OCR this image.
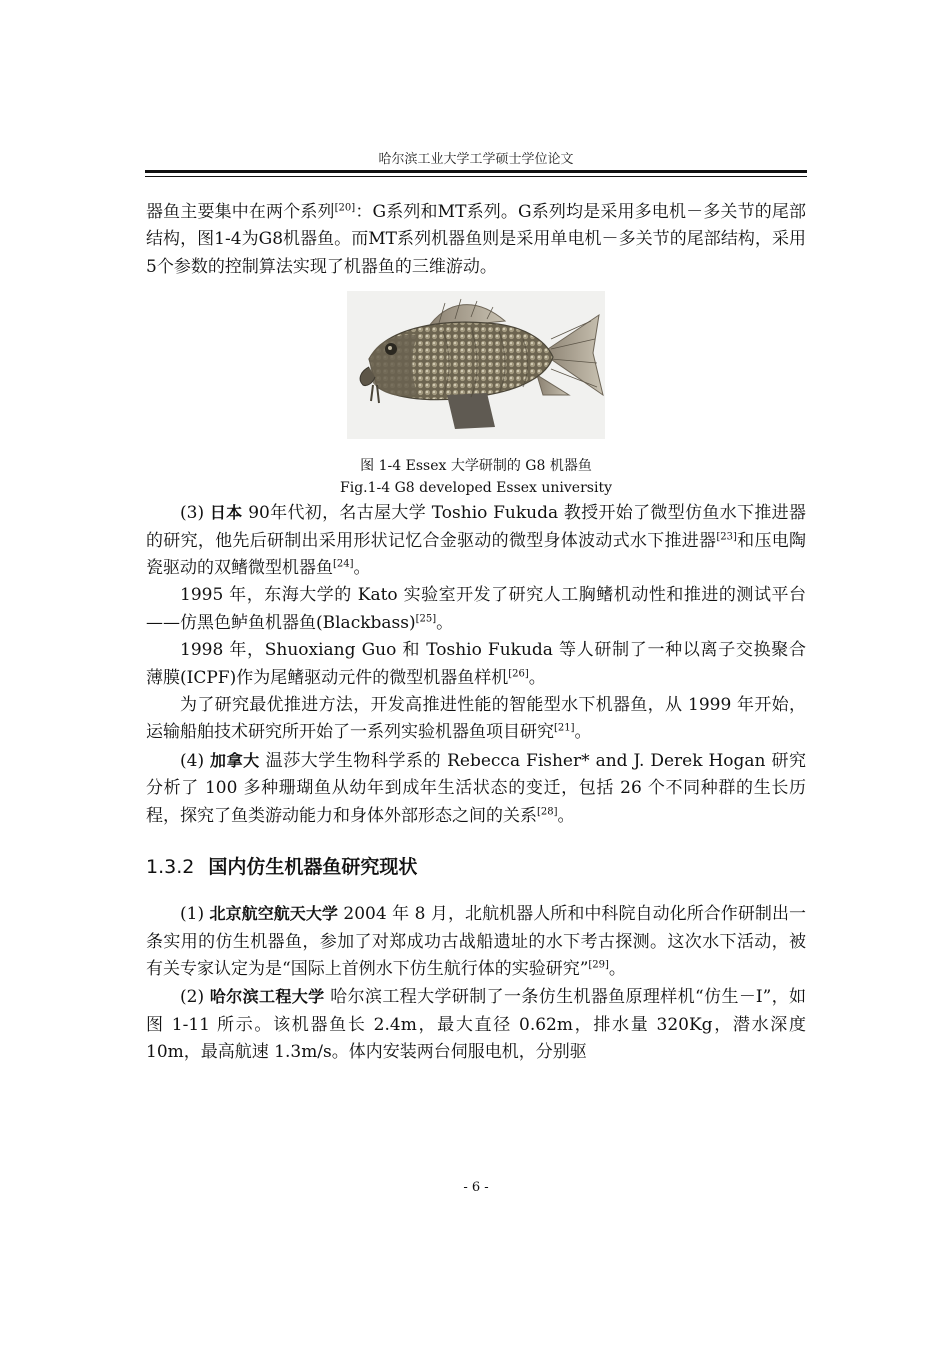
哈尔滨工业大学工学硕士学位论文

器鱼主要集中在两个系列[20]：G系列和MT系列。G系列均是采用多电机－多关节的尾部结构，图1-4为G8机器鱼。而MT系列机器鱼则是采用单电机－多关节的尾部结构，采用5个参数的控制算法实现了机器鱼的三维游动。

图 1-4 Essex 大学研制的 G8 机器鱼

Fig.1-4 G8 developed Essex university

(3) 日本 90年代初，名古屋大学 Toshio Fukuda 教授开始了微型仿鱼水下推进器的研究，他先后研制出采用形状记忆合金驱动的微型身体波动式水下推进器[23]和压电陶瓷驱动的双鳍微型机器鱼[24]。

1995 年，东海大学的 Kato 实验室开发了研究人工胸鳍机动性和推进的测试平台——仿黑色鲈鱼机器鱼(Blackbass)[25]。

1998 年，Shuoxiang Guo 和 Toshio Fukuda 等人研制了一种以离子交换聚合薄膜(ICPF)作为尾鳍驱动元件的微型机器鱼样机[26]。

为了研究最优推进方法，开发高推进性能的智能型水下机器鱼，从 1999 年开始，运输船舶技术研究所开始了一系列实验机器鱼项目研究[21]。

(4) 加拿大 温莎大学生物科学系的 Rebecca Fisher* and J. Derek Hogan 研究分析了 100 多种珊瑚鱼从幼年到成年生活状态的变迁，包括 26 个不同种群的生长历程，探究了鱼类游动能力和身体外部形态之间的关系[28]。

1.3.2 国内仿生机器鱼研究现状

(1) 北京航空航天大学 2004 年 8 月，北航机器人所和中科院自动化所合作研制出一条实用的仿生机器鱼，参加了对郑成功古战船遗址的水下考古探测。这次水下活动，被有关专家认定为是“国际上首例水下仿生航行体的实验研究”[29]。

(2) 哈尔滨工程大学 哈尔滨工程大学研制了一条仿生机器鱼原理样机“仿生－I”，如图 1-11 所示。该机器鱼长 2.4m，最大直径 0.62m，排水量 320Kg，潜水深度 10m，最高航速 1.3m/s。体内安装两台伺服电机，分别驱

- 6 -
